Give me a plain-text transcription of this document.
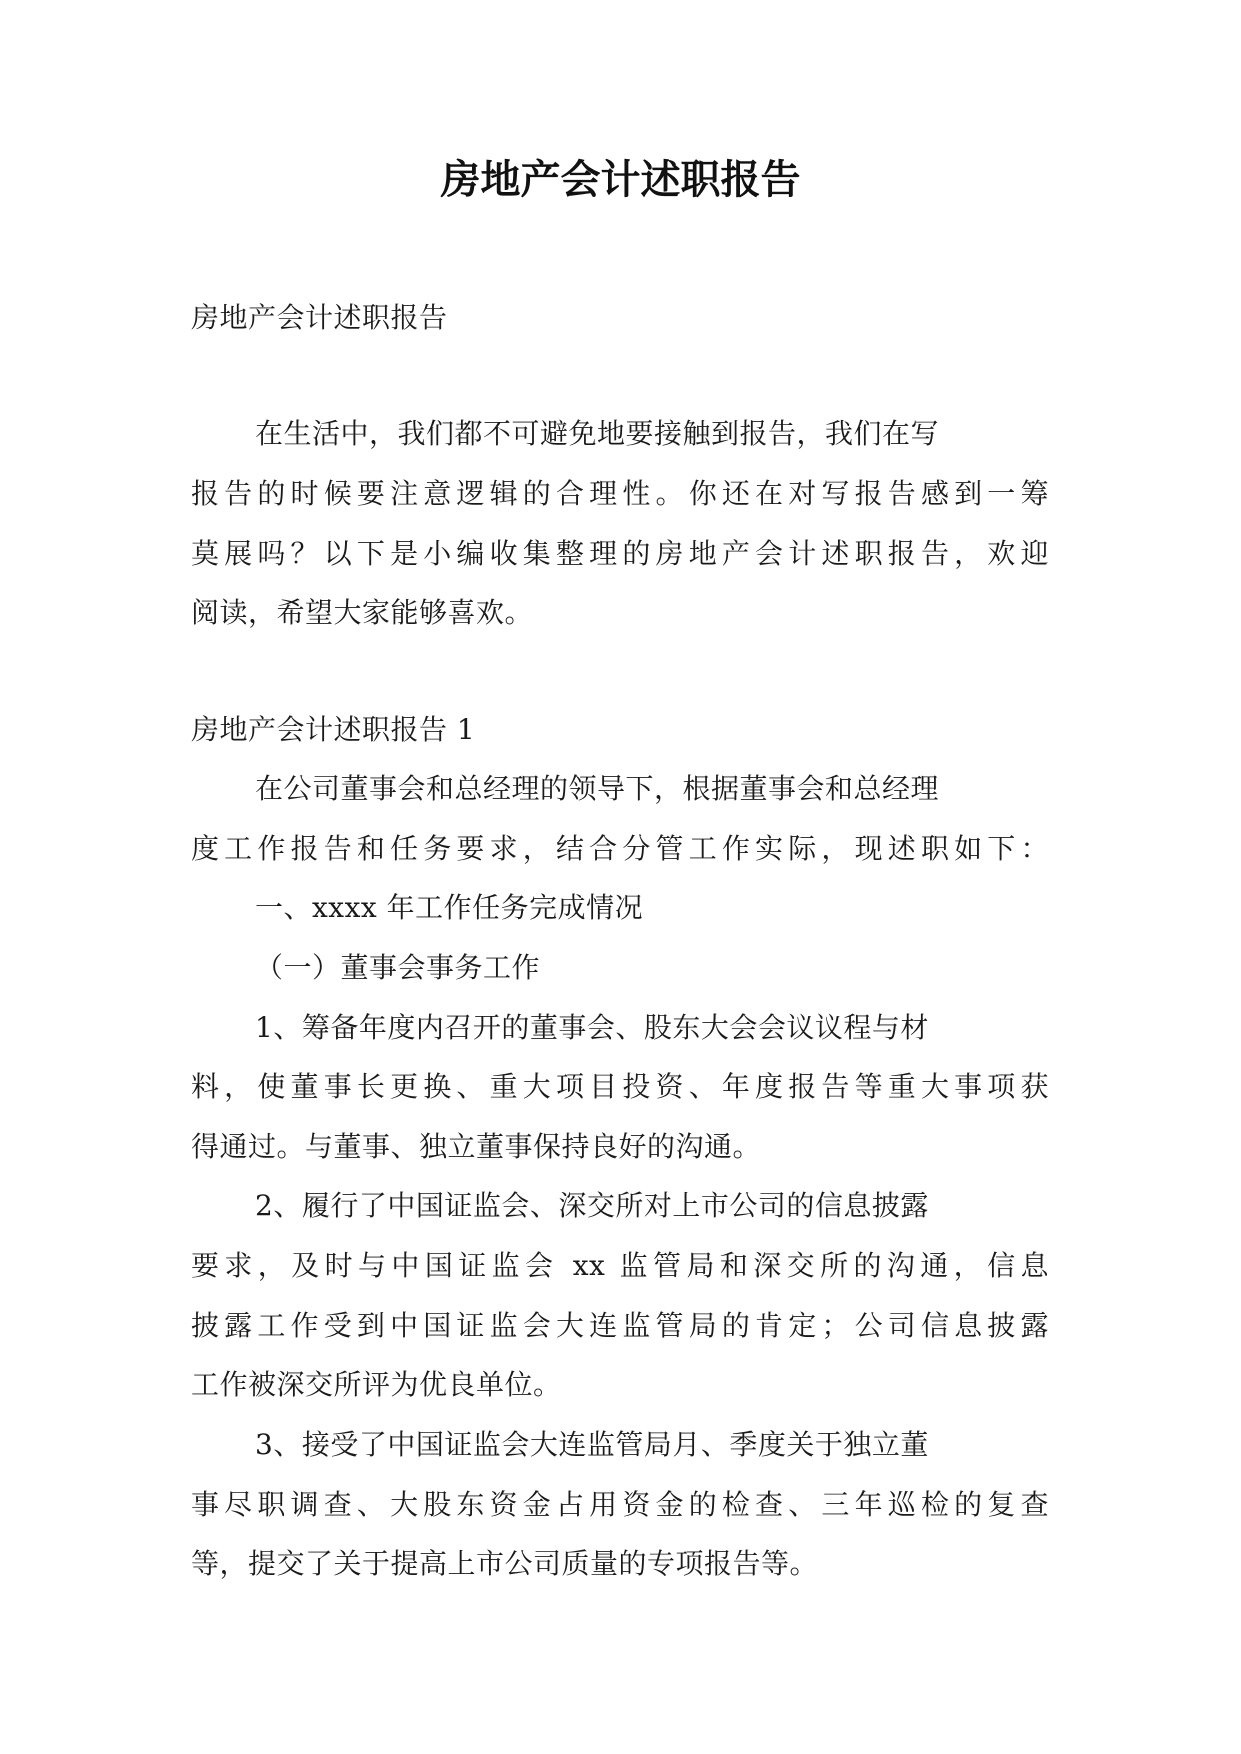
房地产会计述职报告

房地产会计述职报告

在生活中，我们都不可避免地要接触到报告，我们在写

报告的时候要注意逻辑的合理性。你还在对写报告感到一筹

莫展吗？以下是小编收集整理的房地产会计述职报告，欢迎

阅读，希望大家能够喜欢。

房地产会计述职报告 1

在公司董事会和总经理的领导下，根据董事会和总经理

度工作报告和任务要求，结合分管工作实际，现述职如下：

一、xxxx 年工作任务完成情况

（一）董事会事务工作

1、筹备年度内召开的董事会、股东大会会议议程与材

料，使董事长更换、重大项目投资、年度报告等重大事项获

得通过。与董事、独立董事保持良好的沟通。

2、履行了中国证监会、深交所对上市公司的信息披露

要求，及时与中国证监会 xx 监管局和深交所的沟通，信息

披露工作受到中国证监会大连监管局的肯定；公司信息披露

工作被深交所评为优良单位。

3、接受了中国证监会大连监管局月、季度关于独立董

事尽职调查、大股东资金占用资金的检查、三年巡检的复查

等，提交了关于提高上市公司质量的专项报告等。
